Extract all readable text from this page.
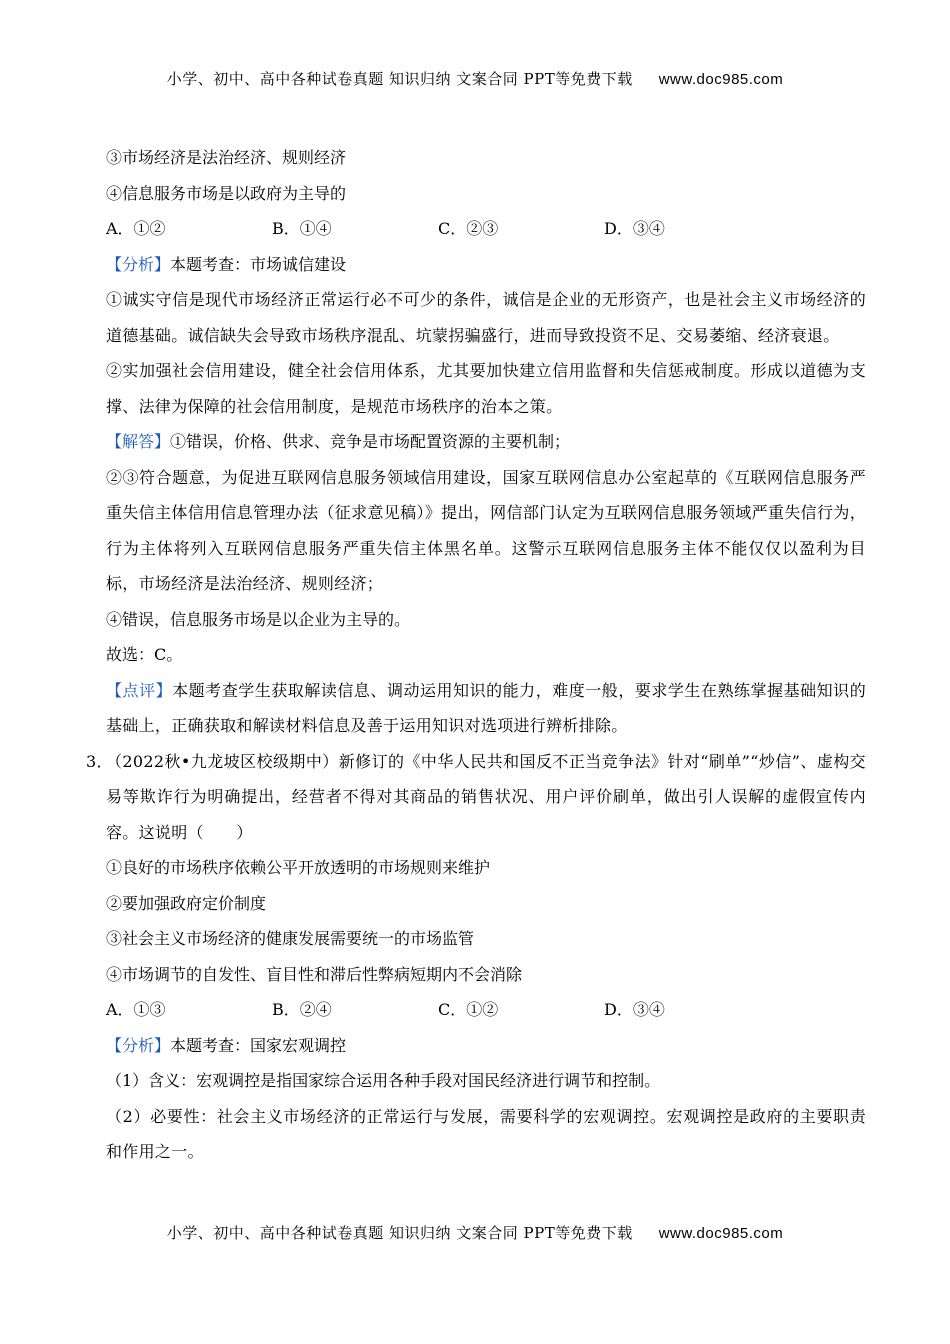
小学、初中、高中各种试卷真题 知识归纳 文案合同 PPT等免费下载 www.doc985.com
③市场经济是法治经济、规则经济
④信息服务市场是以政府为主导的
A．①②	B．①④	C．②③	D．③④
【分析】本题考查：市场诚信建设
①诚实守信是现代市场经济正常运行必不可少的条件，诚信是企业的无形资产，也是社会主义市场经济的道德基础。诚信缺失会导致市场秩序混乱、坑蒙拐骗盛行，进而导致投资不足、交易萎缩、经济衰退。
②实加强社会信用建设，健全社会信用体系，尤其要加快建立信用监督和失信惩戒制度。形成以道德为支撑、法律为保障的社会信用制度，是规范市场秩序的治本之策。
【解答】①错误，价格、供求、竞争是市场配置资源的主要机制；
②③符合题意，为促进互联网信息服务领域信用建设，国家互联网信息办公室起草的《互联网信息服务严重失信主体信用信息管理办法（征求意见稿）》提出，网信部门认定为互联网信息服务领域严重失信行为，行为主体将列入互联网信息服务严重失信主体黑名单。这警示互联网信息服务主体不能仅仅以盈利为目标，市场经济是法治经济、规则经济；
④错误，信息服务市场是以企业为主导的。
故选：C。
【点评】本题考查学生获取解读信息、调动运用知识的能力，难度一般，要求学生在熟练掌握基础知识的基础上，正确获取和解读材料信息及善于运用知识对选项进行辨析排除。
3．
（2022秋•九龙坡区校级期中）新修订的《中华人民共和国反不正当竞争法》针对“刷单”“炒信”、虚构交易等欺诈行为明确提出，经营者不得对其商品的销售状况、用户评价刷单，做出引人误解的虚假宣传内容。这说明（　　）
①良好的市场秩序依赖公平开放透明的市场规则来维护
②要加强政府定价制度
③社会主义市场经济的健康发展需要统一的市场监管
④市场调节的自发性、盲目性和滞后性弊病短期内不会消除
A．①③	B．②④	C．①②	D．③④
【分析】本题考查：国家宏观调控
（1）含义：宏观调控是指国家综合运用各种手段对国民经济进行调节和控制。
（2）必要性：社会主义市场经济的正常运行与发展，需要科学的宏观调控。宏观调控是政府的主要职责和作用之一。
小学、初中、高中各种试卷真题 知识归纳 文案合同 PPT等免费下载 www.doc985.com
